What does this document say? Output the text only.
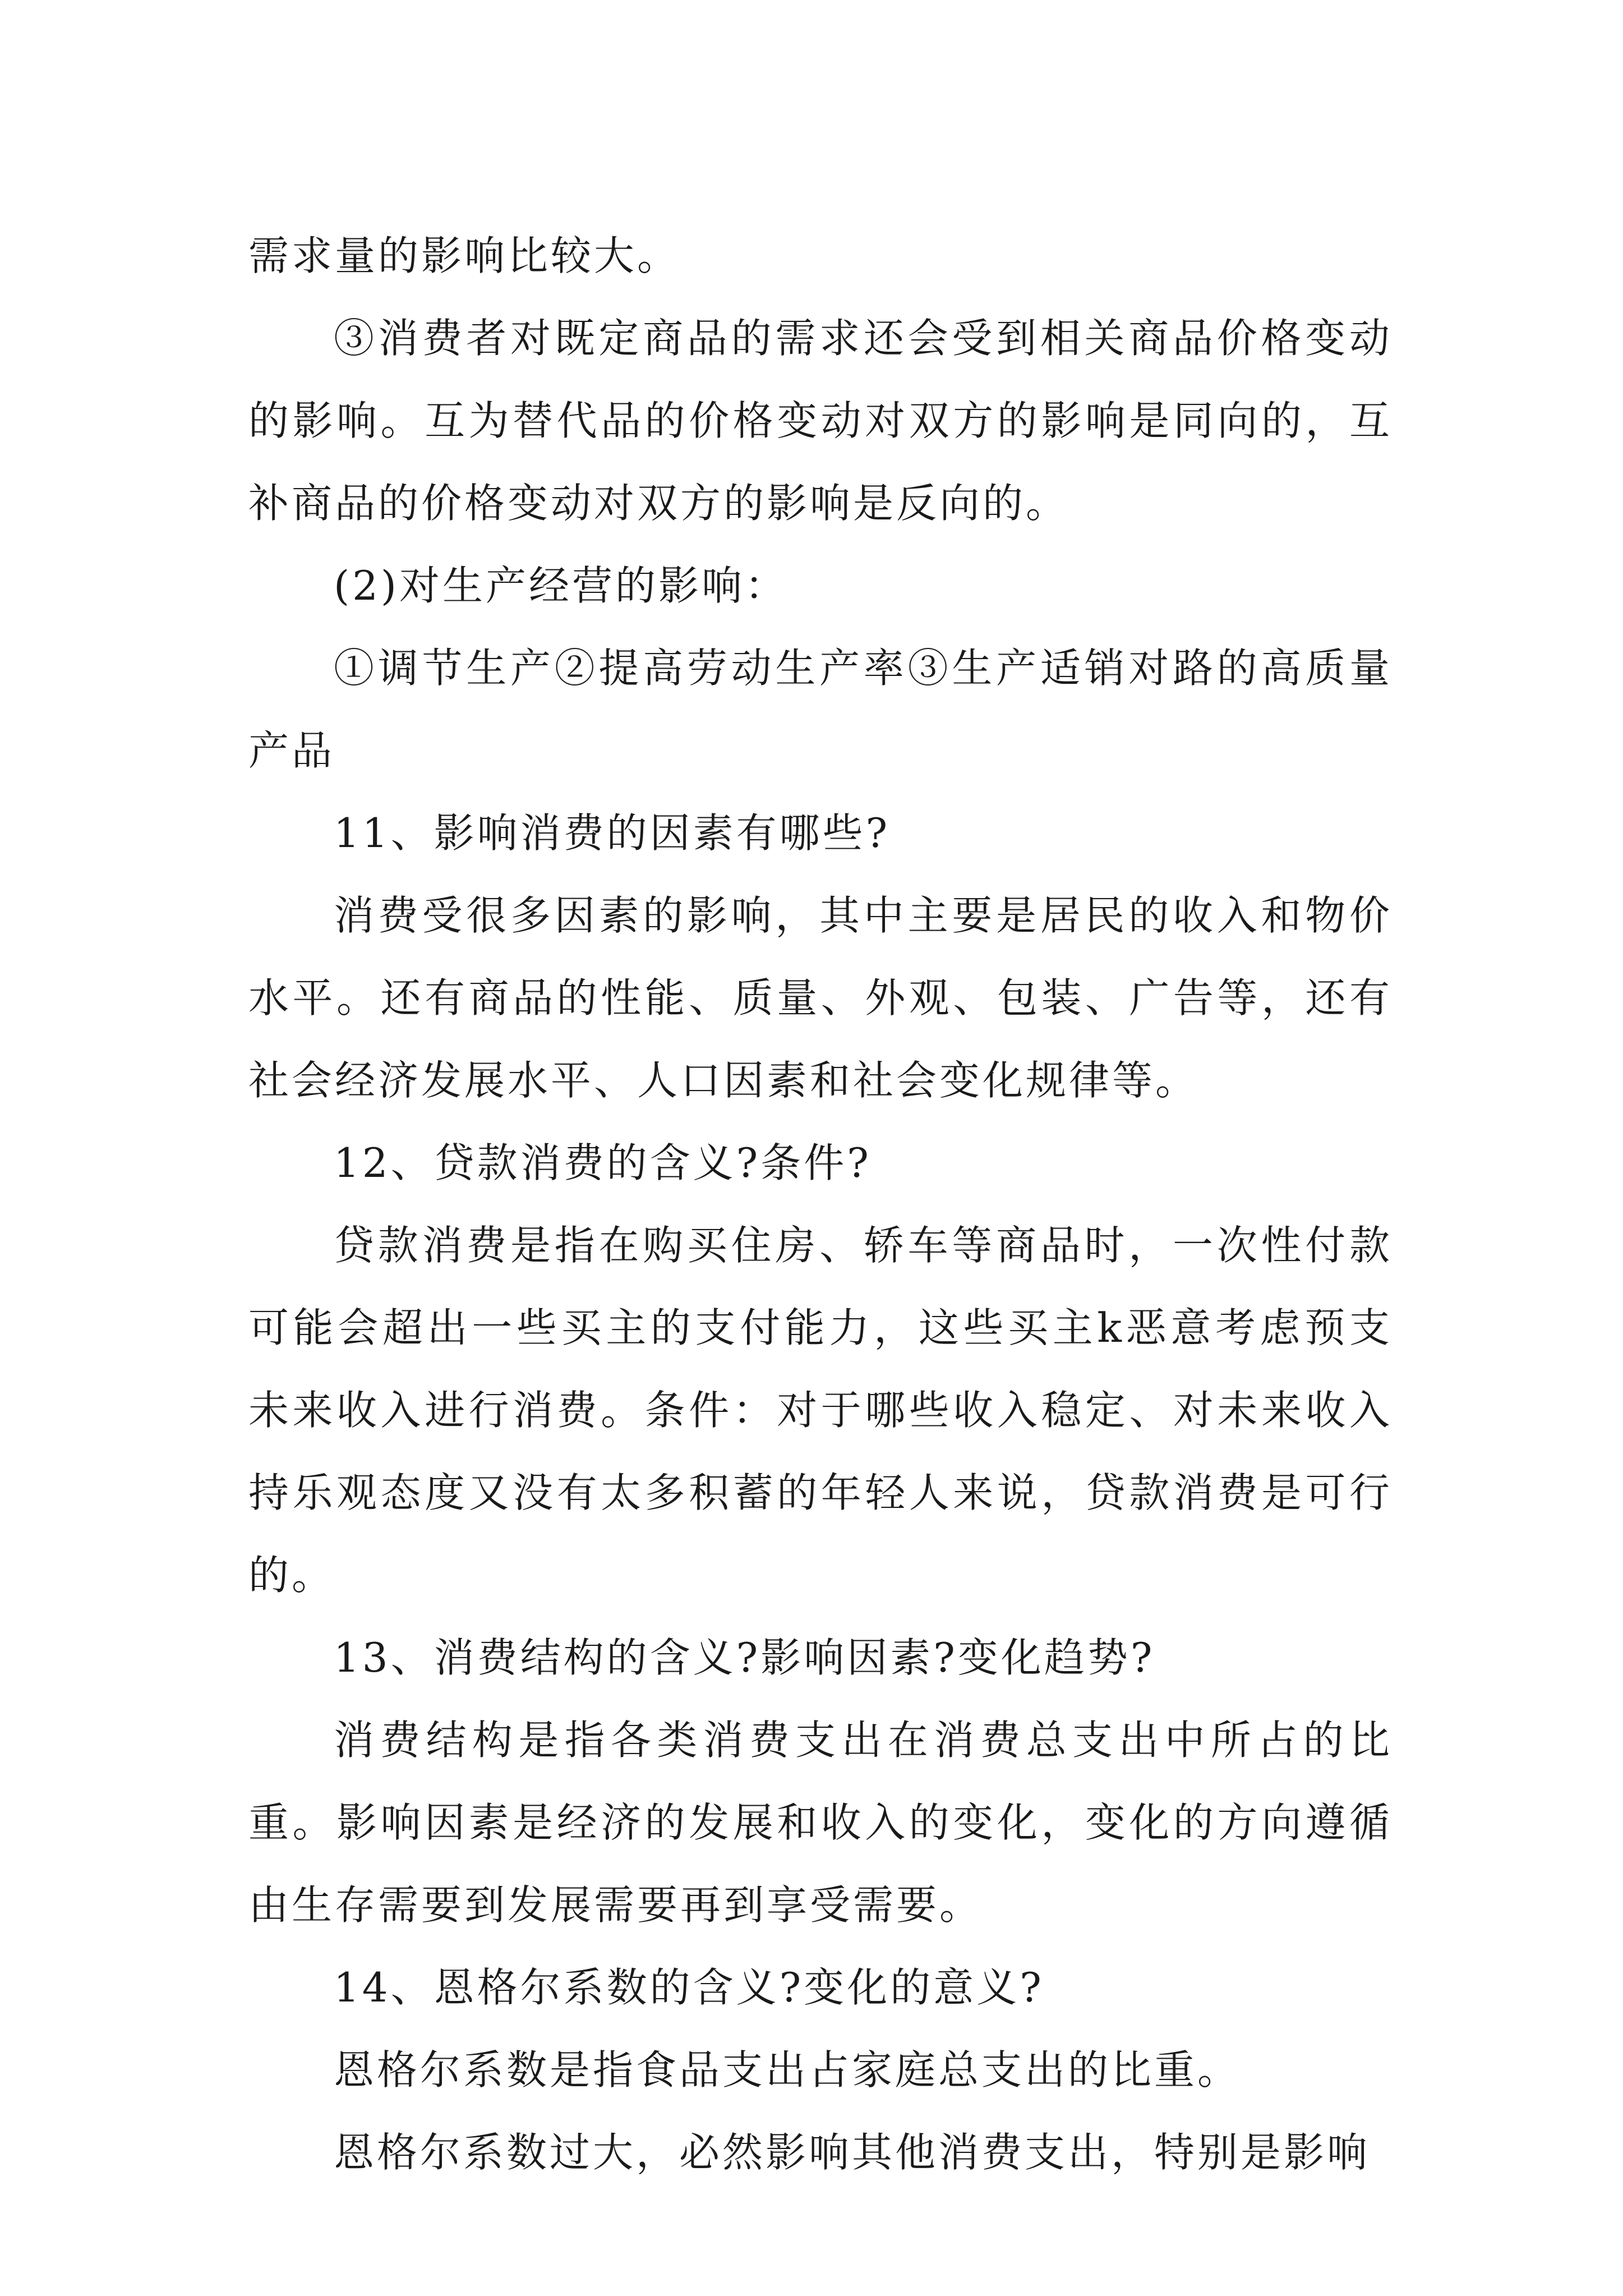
需求量的影响比较大。

③消费者对既定商品的需求还会受到相关商品价格变动的影响。互为替代品的价格变动对双方的影响是同向的，互补商品的价格变动对双方的影响是反向的。

(2)对生产经营的影响：

①调节生产②提高劳动生产率③生产适销对路的高质量产品

11、影响消费的因素有哪些?

消费受很多因素的影响，其中主要是居民的收入和物价水平。还有商品的性能、质量、外观、包装、广告等，还有社会经济发展水平、人口因素和社会变化规律等。

12、贷款消费的含义?条件?

贷款消费是指在购买住房、轿车等商品时，一次性付款可能会超出一些买主的支付能力，这些买主k恶意考虑预支未来收入进行消费。条件：对于哪些收入稳定、对未来收入持乐观态度又没有太多积蓄的年轻人来说，贷款消费是可行的。

13、消费结构的含义?影响因素?变化趋势?

消费结构是指各类消费支出在消费总支出中所占的比重。影响因素是经济的发展和收入的变化，变化的方向遵循由生存需要到发展需要再到享受需要。

14、恩格尔系数的含义?变化的意义?

恩格尔系数是指食品支出占家庭总支出的比重。

恩格尔系数过大，必然影响其他消费支出，特别是影响
